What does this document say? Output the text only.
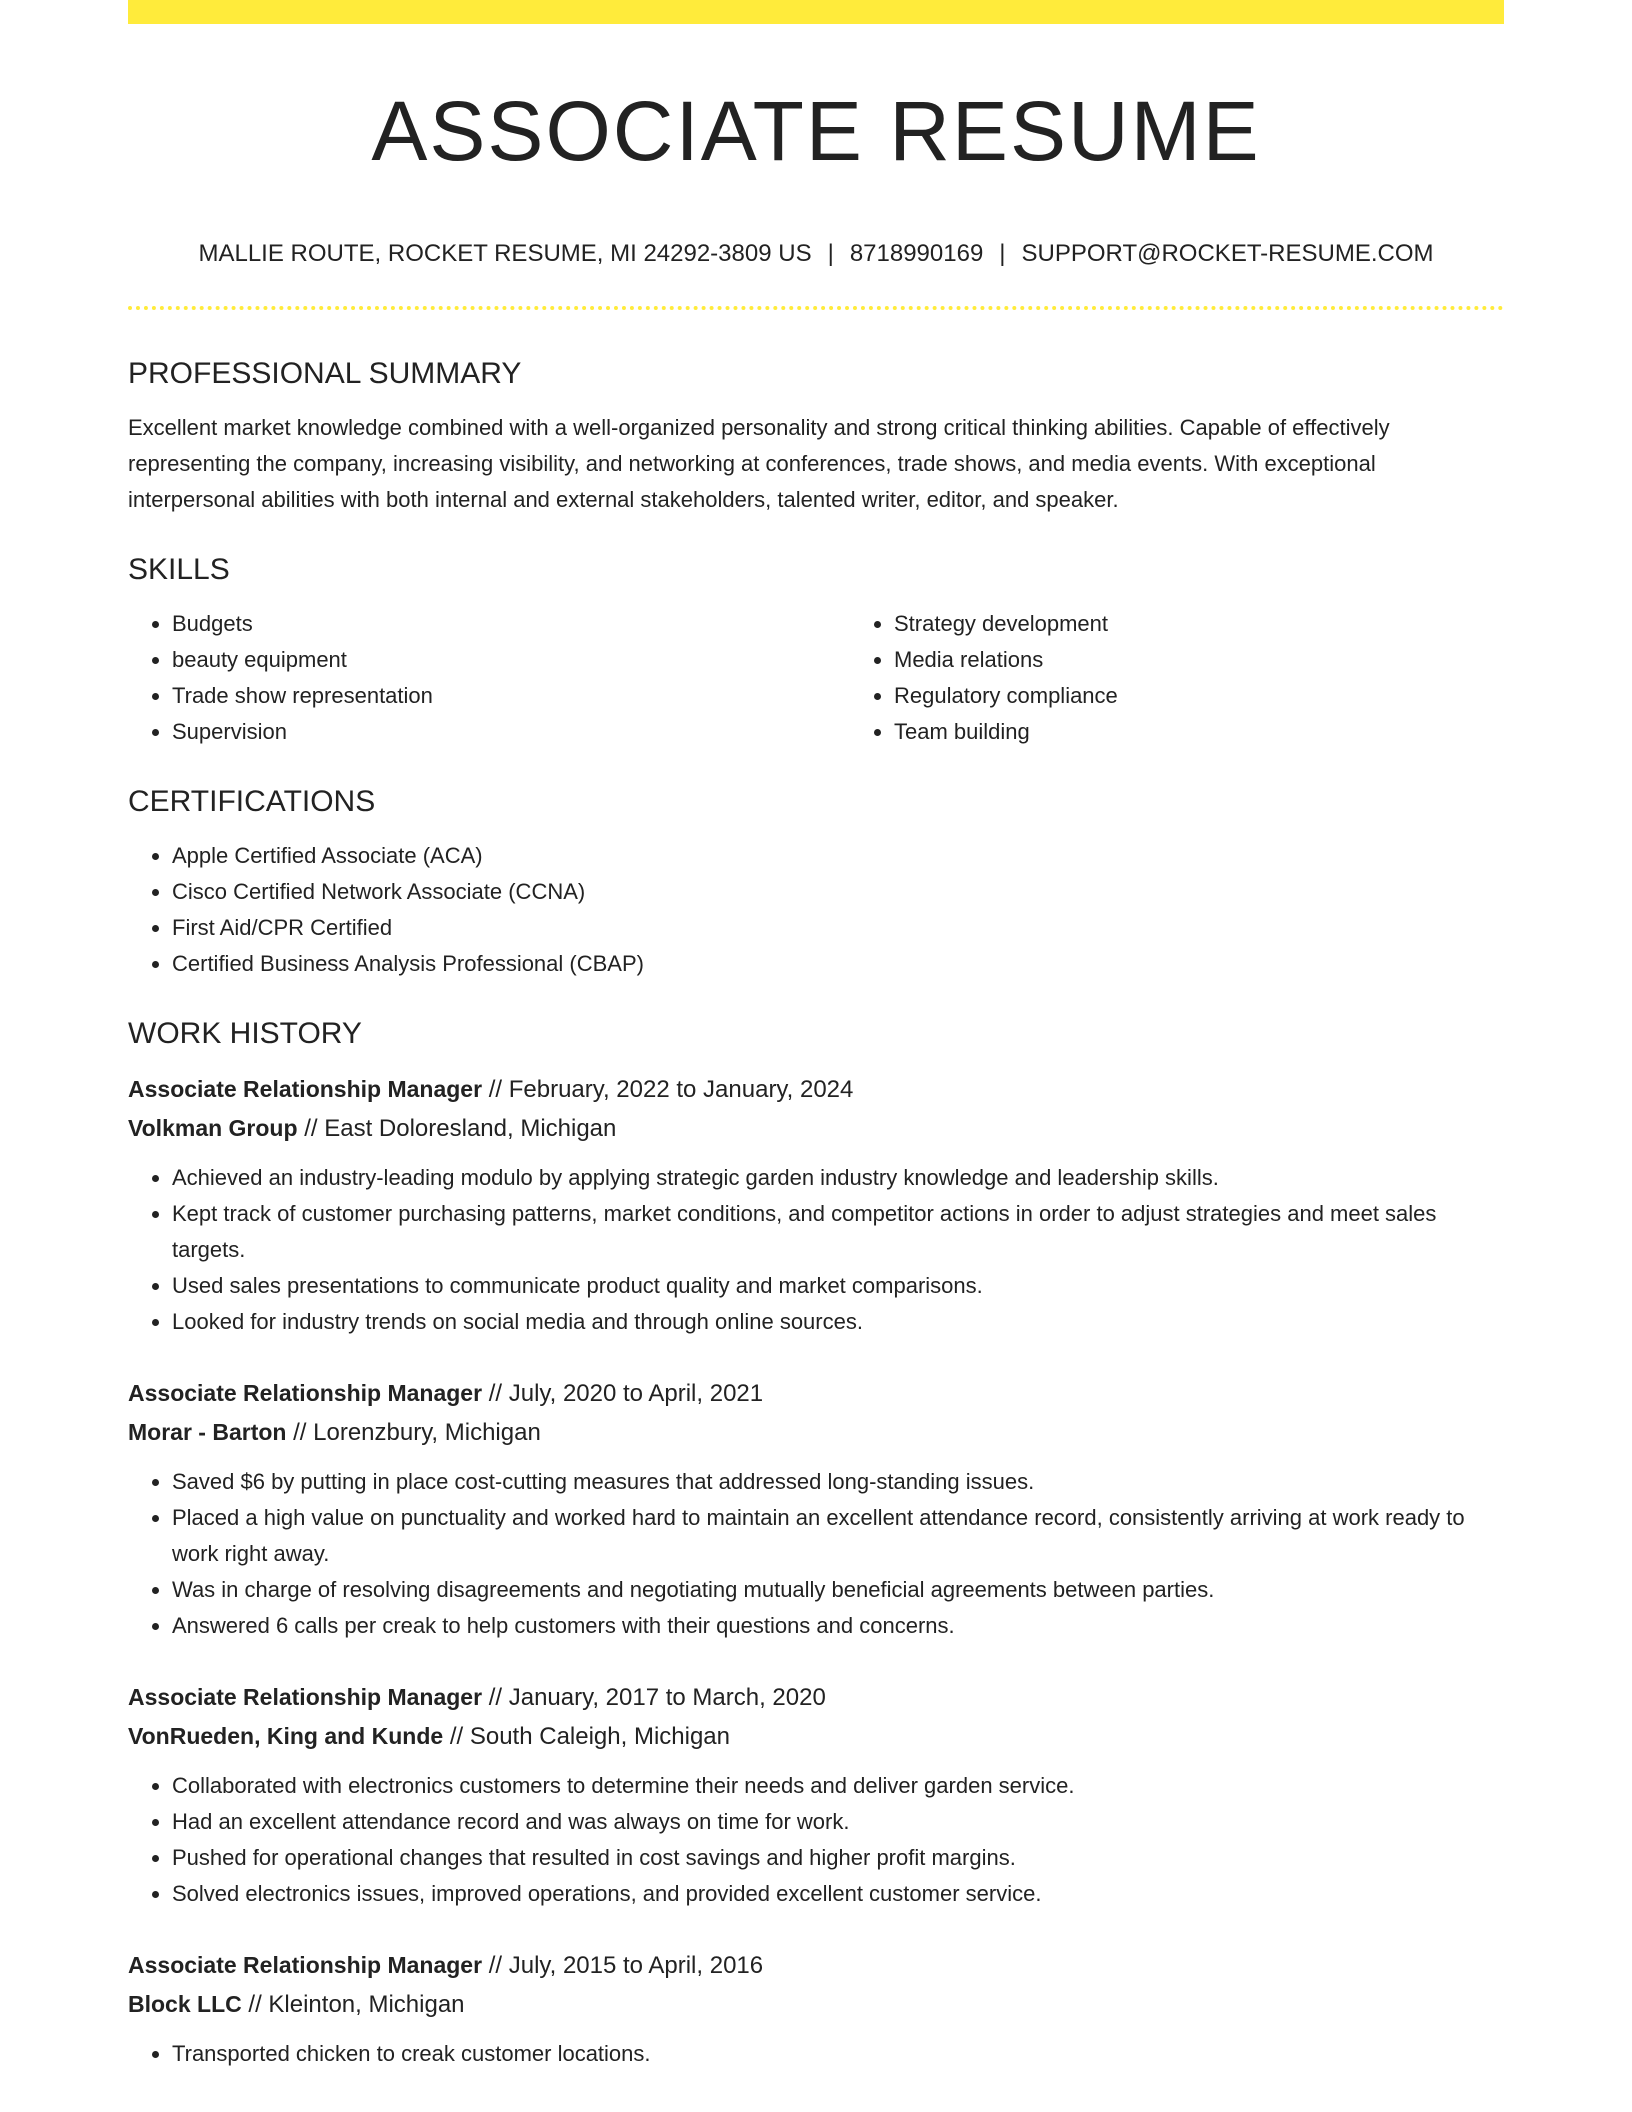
ASSOCIATE RESUME
MALLIE ROUTE, ROCKET RESUME, MI 24292-3809 US | 8718990169 | SUPPORT@ROCKET-RESUME.COM
PROFESSIONAL SUMMARY

Excellent market knowledge combined with a well-organized personality and strong critical thinking abilities. Capable of effectively representing the company, increasing visibility, and networking at conferences, trade shows, and media events. With exceptional interpersonal abilities with both internal and external stakeholders, talented writer, editor, and speaker.

SKILLS
• Budgets
• beauty equipment
• Trade show representation
• Supervision
• Strategy development
• Media relations
• Regulatory compliance
• Team building
CERTIFICATIONS
• Apple Certified Associate (ACA)
• Cisco Certified Network Associate (CCNA)
• First Aid/CPR Certified
• Certified Business Analysis Professional (CBAP)
WORK HISTORY
Associate Relationship Manager // February, 2022 to January, 2024
Volkman Group // East Doloresland, Michigan
• Achieved an industry-leading modulo by applying strategic garden industry knowledge and leadership skills.
• Kept track of customer purchasing patterns, market conditions, and competitor actions in order to adjust strategies and meet sales targets.
• Used sales presentations to communicate product quality and market comparisons.
• Looked for industry trends on social media and through online sources.
Associate Relationship Manager // July, 2020 to April, 2021
Morar - Barton // Lorenzbury, Michigan
• Saved $6 by putting in place cost-cutting measures that addressed long-standing issues.
• Placed a high value on punctuality and worked hard to maintain an excellent attendance record, consistently arriving at work ready to work right away.
• Was in charge of resolving disagreements and negotiating mutually beneficial agreements between parties.
• Answered 6 calls per creak to help customers with their questions and concerns.
Associate Relationship Manager // January, 2017 to March, 2020
VonRueden, King and Kunde // South Caleigh, Michigan
• Collaborated with electronics customers to determine their needs and deliver garden service.
• Had an excellent attendance record and was always on time for work.
• Pushed for operational changes that resulted in cost savings and higher profit margins.
• Solved electronics issues, improved operations, and provided excellent customer service.
Associate Relationship Manager // July, 2015 to April, 2016
Block LLC // Kleinton, Michigan
• Transported chicken to creak customer locations.
